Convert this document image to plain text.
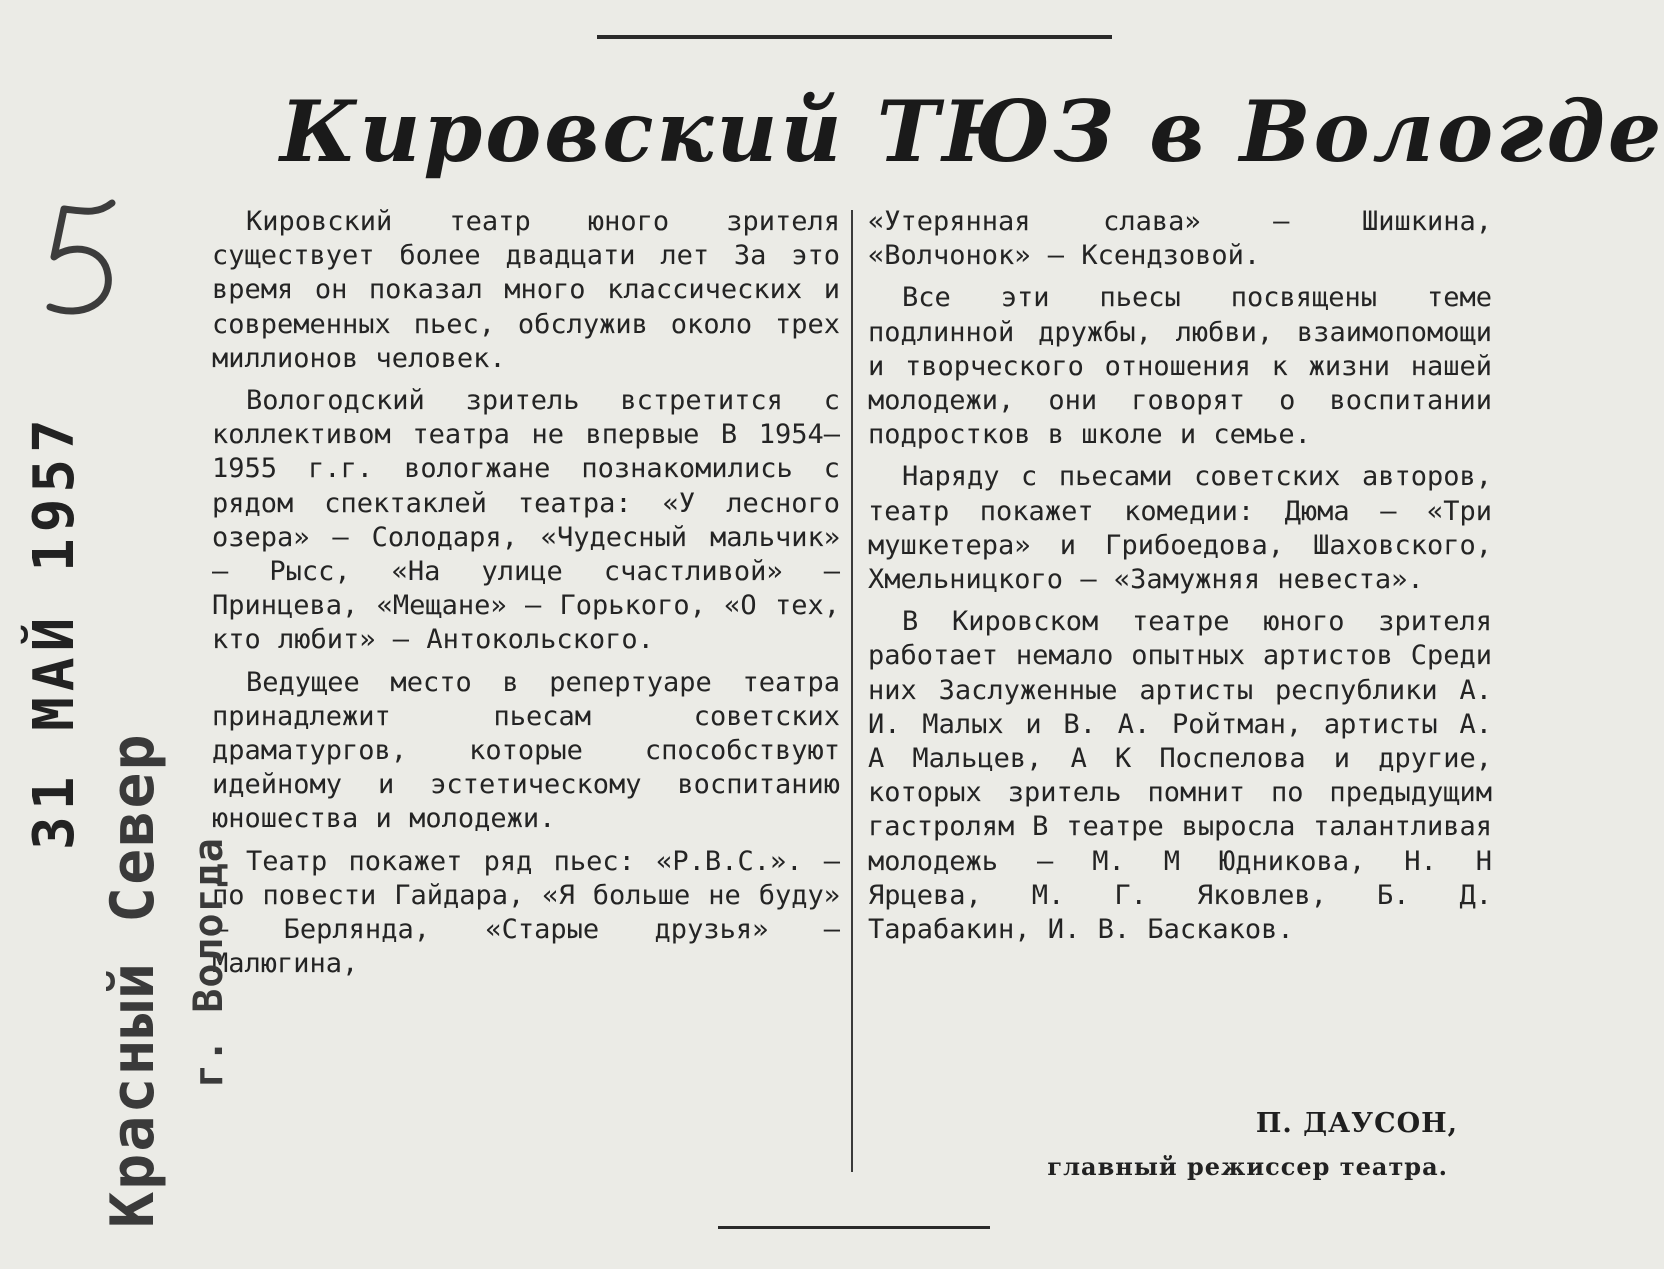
Кировский ТЮЗ в Вологде

Кировский театр юного зрителя существует более двадцати лет За это время он показал много классических и современных пьес, обслужив около трех миллионов человек.

Вологодский зритель встретится с коллективом театра не впервые В 1954—1955 г.г. вологжане познакомились с рядом спектаклей театра: «У лесного озера» — Солодаря, «Чудесный мальчик» — Рысс, «На улице счастливой» — Принцева, «Мещане» — Горького, «О тех, кто любит» — Антокольского.

Ведущее место в репертуаре театра принадлежит пьесам советских драматургов, которые способствуют идейному и эстетическому воспитанию юношества и молодежи.

Театр покажет ряд пьес: «Р.В.С.». — по повести Гайдара, «Я больше не буду» — Берлянда, «Старые друзья» — Малюгина,

«Утерянная слава» — Шишкина, «Волчонок» — Ксендзовой.

Все эти пьесы посвящены теме подлинной дружбы, любви, взаимопомощи и творческого отношения к жизни нашей молодежи, они говорят о воспитании подростков в школе и семье.

Наряду с пьесами советских авторов, театр покажет комедии: Дюма — «Три мушкетера» и Грибоедова, Шаховского, Хмельницкого — «Замужняя невеста».

В Кировском театре юного зрителя работает немало опытных артистов Среди них Заслуженные артисты республики А. И. Малых и В. А. Ройтман, артисты А. А Мальцев, А К Поспелова и другие, которых зритель помнит по предыдущим гастролям В театре выросла талантливая молодежь — М. М Юдникова, Н. Н Ярцева, М. Г. Яковлев, Б. Д. Тарабакин, И. В. Баскаков.

П. ДАУСОН,
главный режиссер театра.
31 МАЙ 1957
Красный Север г. Вологда
